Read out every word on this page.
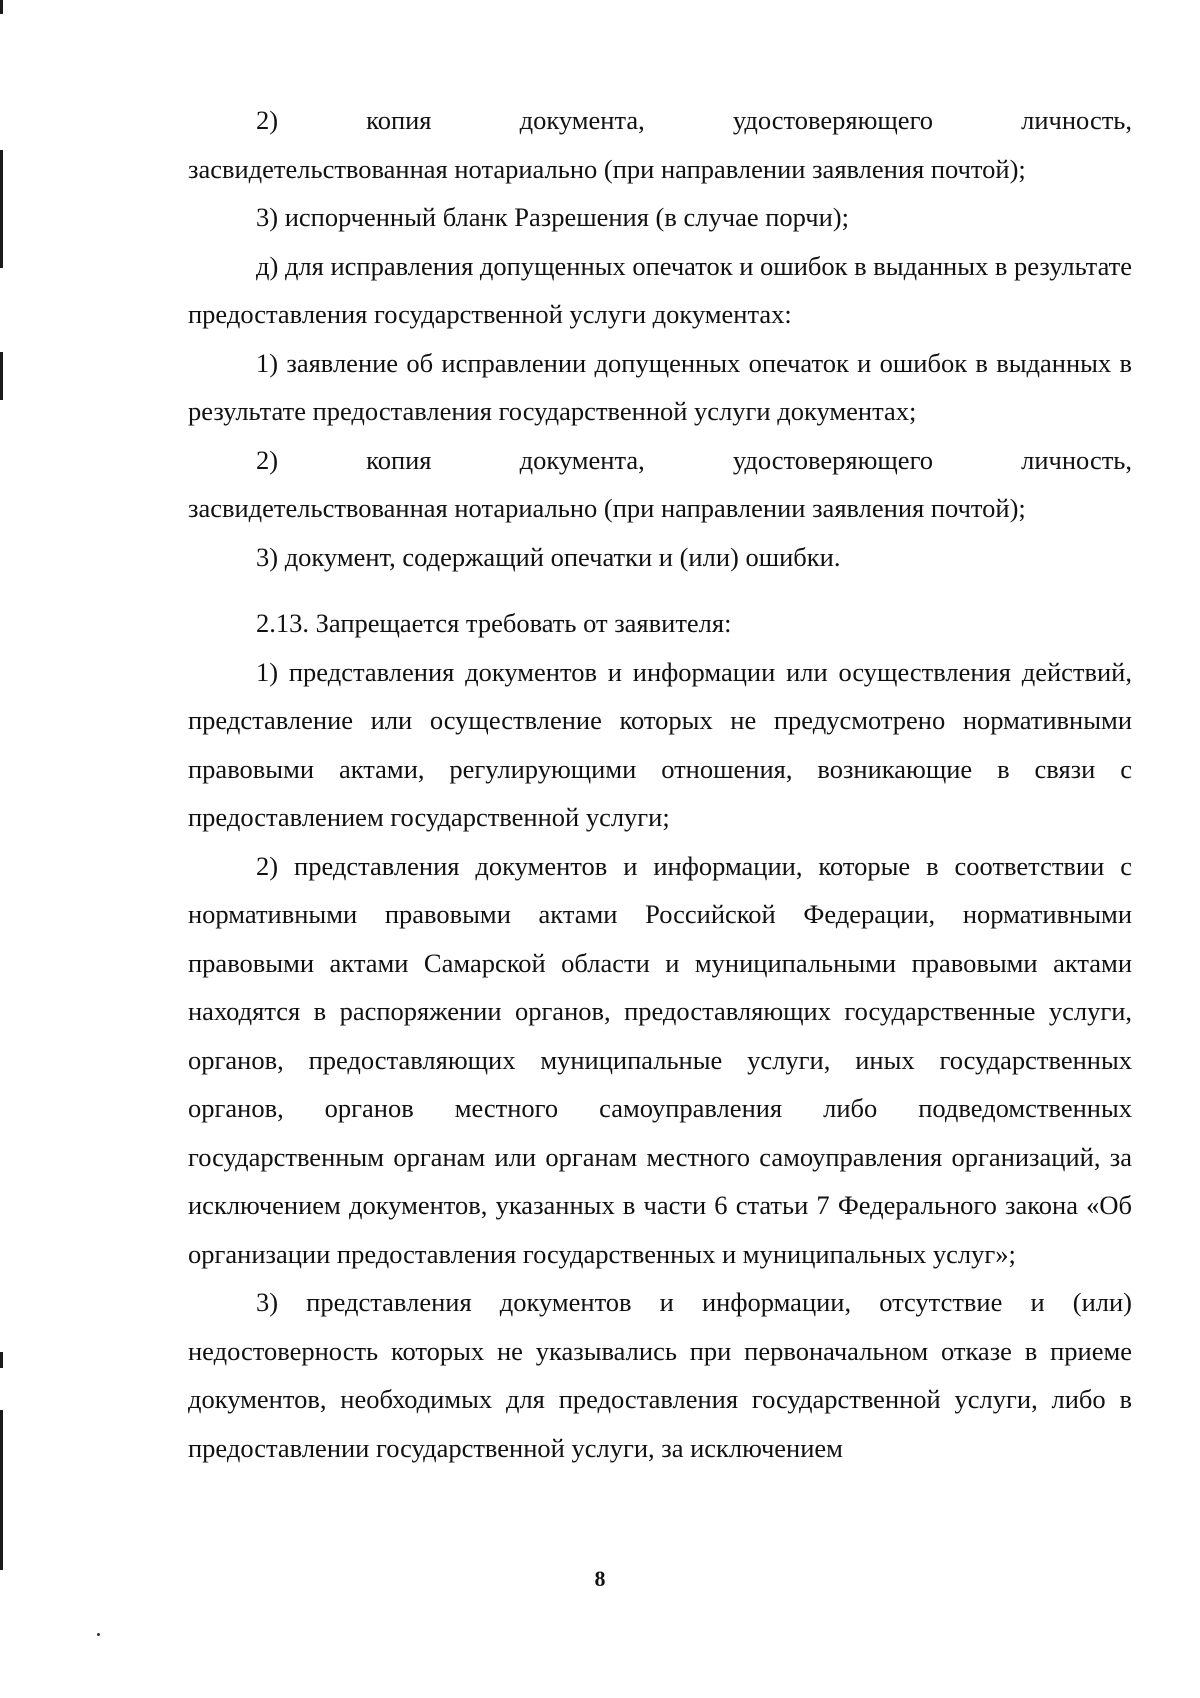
2) копия документа, удостоверяющего личность,

засвидетельствованная нотариально (при направлении заявления почтой);

3) испорченный бланк Разрешения (в случае порчи);

д) для исправления допущенных опечаток и ошибок в выданных в результате предоставления государственной услуги документах:

1) заявление об исправлении допущенных опечаток и ошибок в выданных в результате предоставления государственной услуги документах;

2) копия документа, удостоверяющего личность,

засвидетельствованная нотариально (при направлении заявления почтой);

3) документ, содержащий опечатки и (или) ошибки.

2.13. Запрещается требовать от заявителя:

1) представления документов и информации или осуществления действий, представление или осуществление которых не предусмотрено нормативными правовыми актами, регулирующими отношения, возникающие в связи с предоставлением государственной услуги;

2) представления документов и информации, которые в соответствии с нормативными правовыми актами Российской Федерации, нормативными правовыми актами Самарской области и муниципальными правовыми актами находятся в распоряжении органов, предоставляющих государственные услуги, органов, предоставляющих муниципальные услуги, иных государственных органов, органов местного самоуправления либо подведомственных государственным органам или органам местного самоуправления организаций, за исключением документов, указанных в части 6 статьи 7 Федерального закона «Об организации предоставления государственных и муниципальных услуг»;

3) представления документов и информации, отсутствие и (или) недостоверность которых не указывались при первоначальном отказе в приеме документов, необходимых для предоставления государственной услуги, либо в предоставлении государственной услуги, за исключением

8
